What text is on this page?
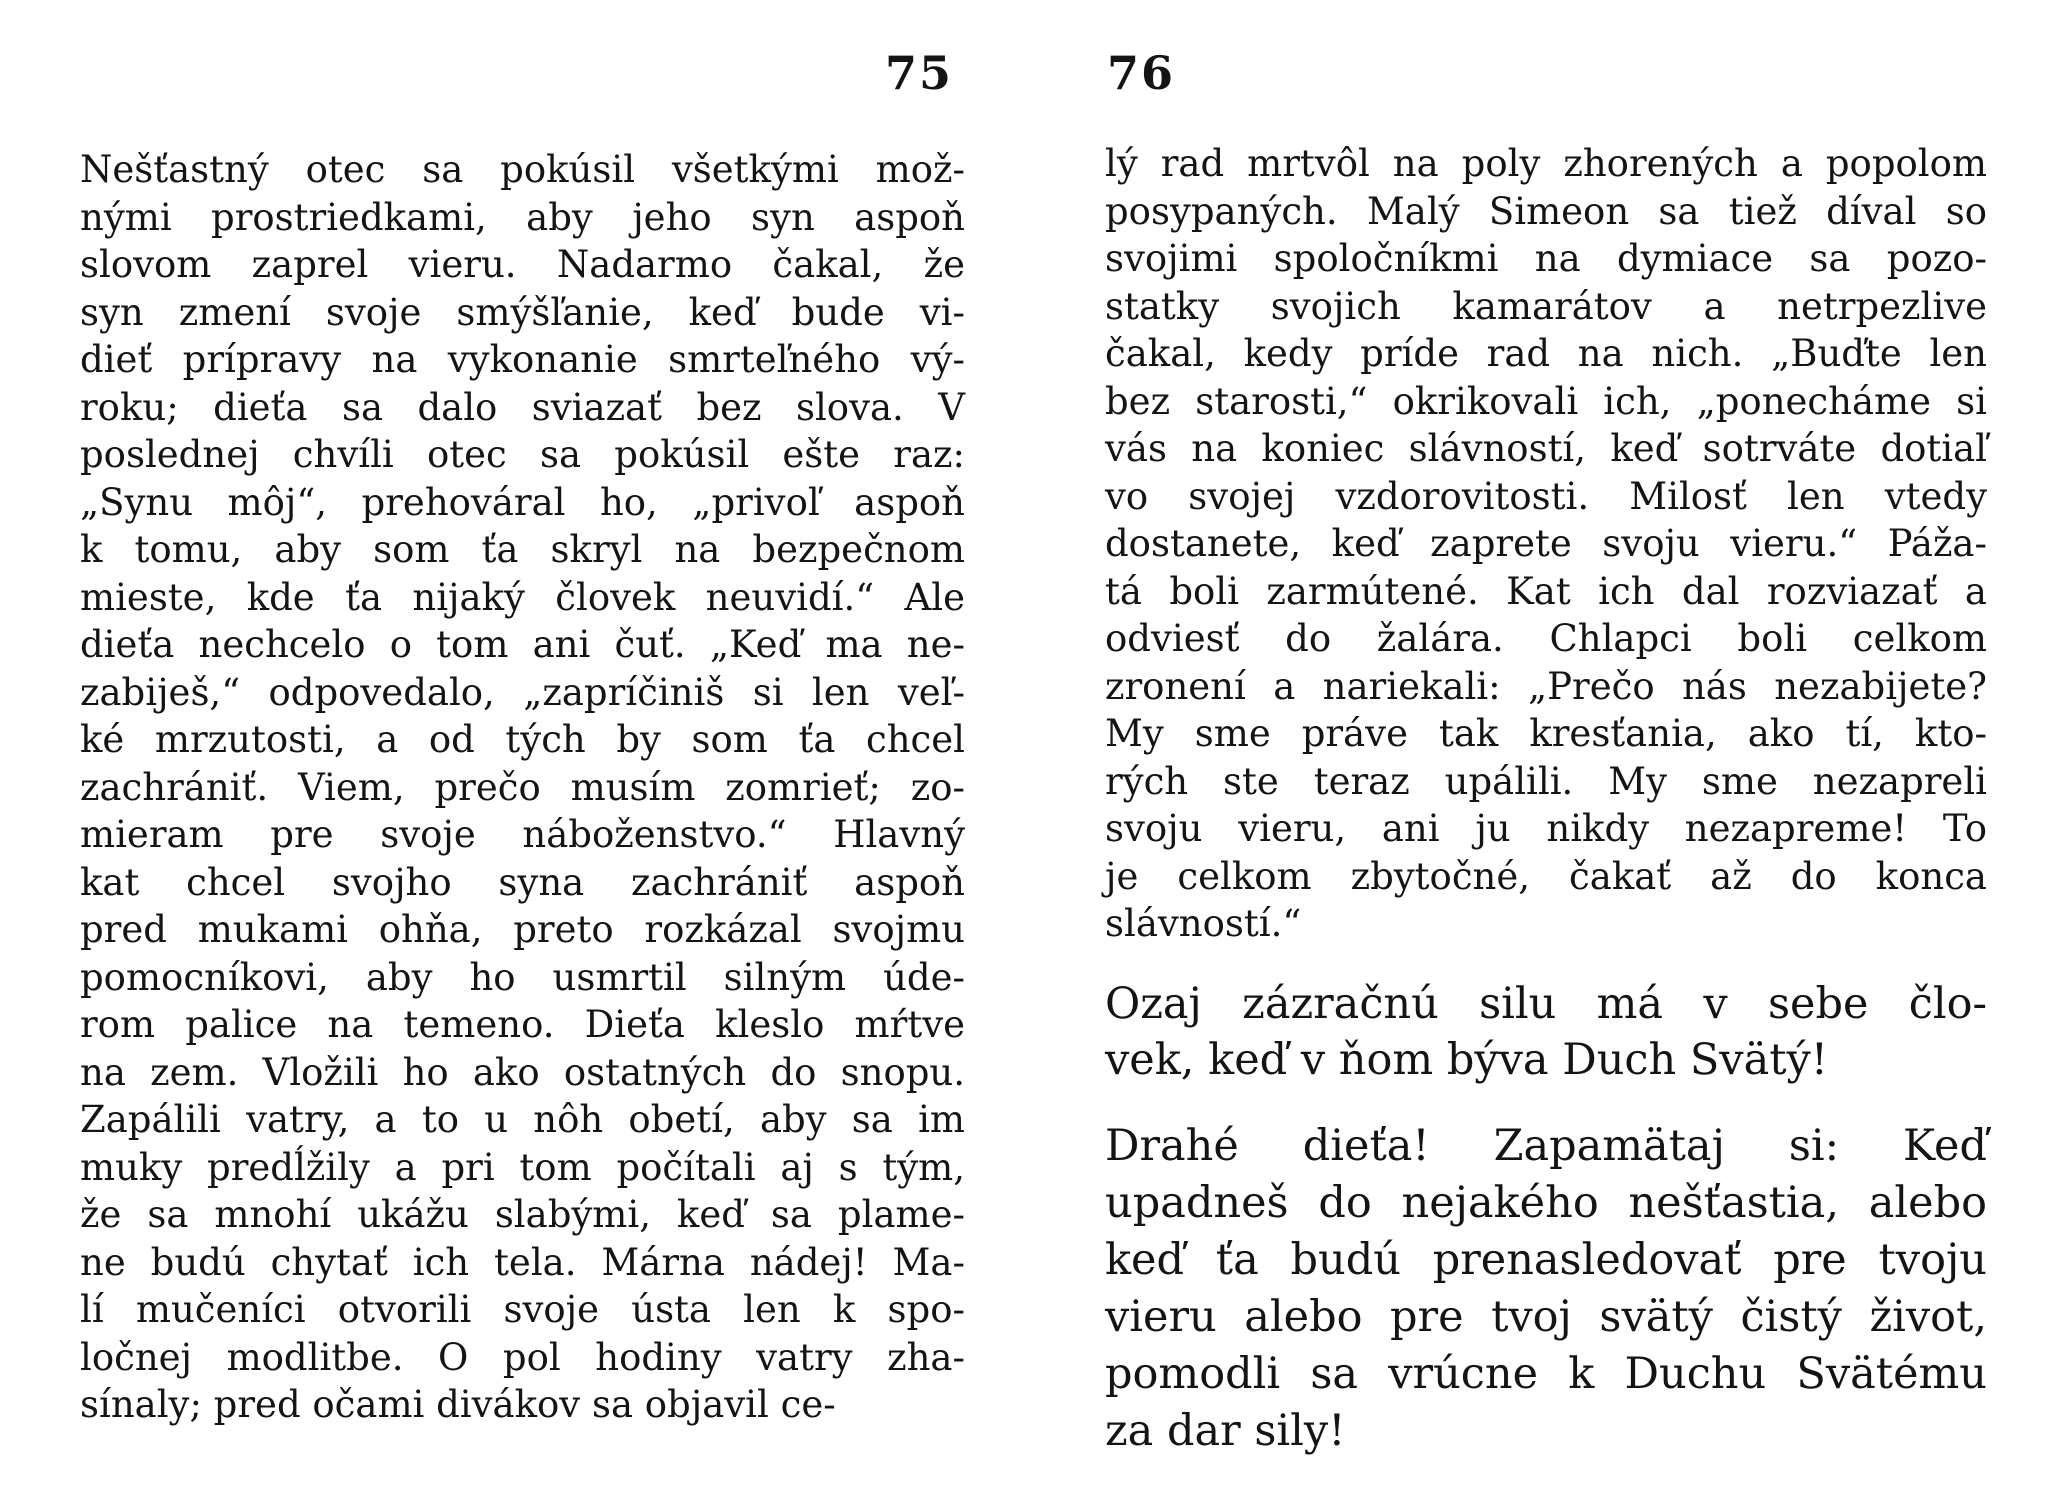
75	76
Nešťastný otec sa pokúsil všetkými mož-
nými prostriedkami, aby jeho syn aspoň
slovom zaprel vieru. Nadarmo čakal, že
syn zmení svoje smýšľanie, keď bude vi-
dieť prípravy na vykonanie smrteľného vý-
roku; dieťa sa dalo sviazať bez slova. V
poslednej chvíli otec sa pokúsil ešte raz:
„Synu môj“, prehováral ho, „privoľ aspoň
k tomu, aby som ťa skryl na bezpečnom
mieste, kde ťa nijaký človek neuvidí.“ Ale
dieťa nechcelo o tom ani čuť. „Keď ma ne-
zabiješ,“ odpovedalo, „zapríčiniš si len veľ-
ké mrzutosti, a od tých by som ťa chcel
zachrániť. Viem, prečo musím zomrieť; zo-
mieram pre svoje náboženstvo.“ Hlavný
kat chcel svojho syna zachrániť aspoň
pred mukami ohňa, preto rozkázal svojmu
pomocníkovi, aby ho usmrtil silným úde-
rom palice na temeno. Dieťa kleslo mŕtve
na zem. Vložili ho ako ostatných do snopu.
Zapálili vatry, a to u nôh obetí, aby sa im
muky predĺžily a pri tom počítali aj s tým,
že sa mnohí ukážu slabými, keď sa plame-
ne budú chytať ich tela. Márna nádej! Ma-
lí mučeníci otvorili svoje ústa len k spo-
ločnej modlitbe. O pol hodiny vatry zha-
sínaly; pred očami divákov sa objavil ce-
lý rad mrtvôl na poly zhorených a popolom
posypaných. Malý Simeon sa tiež díval so
svojimi spoločníkmi na dymiace sa pozo-
statky svojich kamarátov a netrpezlive
čakal, kedy príde rad na nich. „Buďte len
bez starosti,“ okrikovali ich, „ponecháme si
vás na koniec slávností, keď sotrváte dotiaľ
vo svojej vzdorovitosti. Milosť len vtedy
dostanete, keď zaprete svoju vieru.“ Páža-
tá boli zarmútené. Kat ich dal rozviazať a
odviesť do žalára. Chlapci boli celkom
zronení a nariekali: „Prečo nás nezabijete?
My sme práve tak kresťania, ako tí, kto-
rých ste teraz upálili. My sme nezapreli
svoju vieru, ani ju nikdy nezapreme! To
je celkom zbytočné, čakať až do konca
slávností.“
Ozaj zázračnú silu má v sebe člo-
vek, keď v ňom býva Duch Svätý!
Drahé dieťa! Zapamätaj si: Keď
upadneš do nejakého nešťastia, alebo
keď ťa budú prenasledovať pre tvoju
vieru alebo pre tvoj svätý čistý život,
pomodli sa vrúcne k Duchu Svätému
za dar sily!
